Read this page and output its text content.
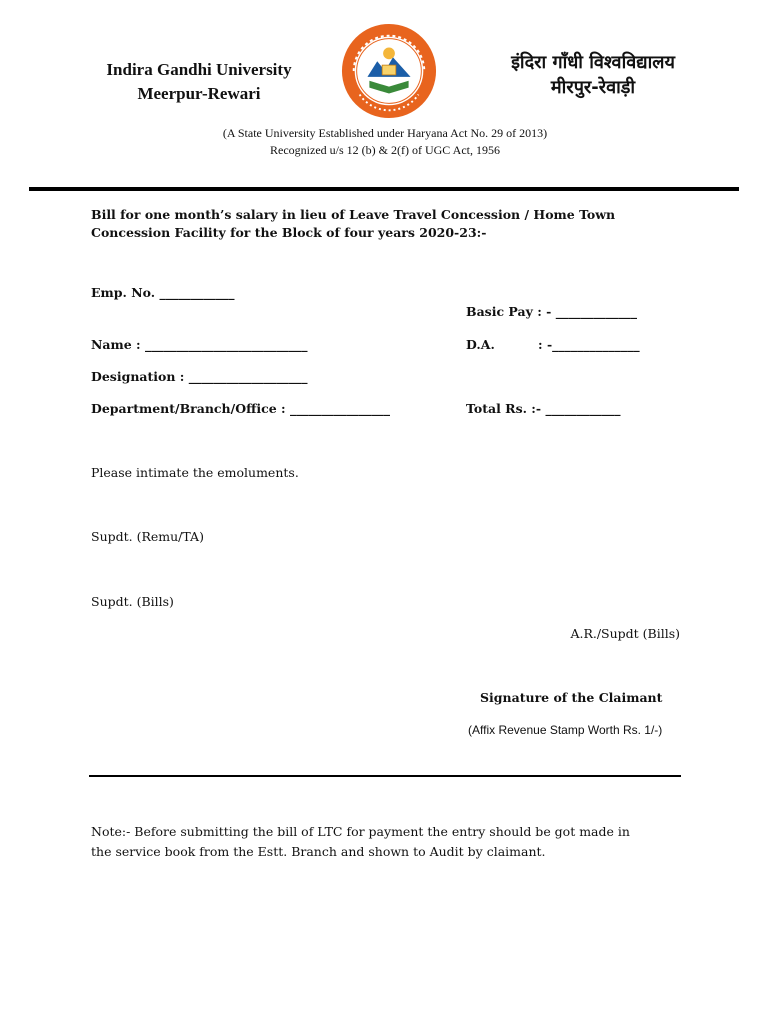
Indira Gandhi University
Meerpur-Rewari
इंदिरा गाँधी विश्वविद्यालय
मीरपुर-रेवाड़ी
(A State University Established under Haryana Act No. 29 of 2013)
Recognized u/s 12 (b) & 2(f) of UGC Act, 1956
Bill for one month’s salary in lieu of Leave Travel Concession / Home Town
Concession Facility for the Block of four years 2020-23:-
Emp. No. ____________
Basic Pay : - _____________
Name : __________________________	D.A.	: -______________
Designation : ___________________
Department/Branch/Office : ________________	Total Rs. :- ____________
Please intimate the emoluments.
Supdt. (Remu/TA)
Supdt. (Bills)
A.R./Supdt (Bills)
Signature of the Claimant
(Affix Revenue Stamp Worth Rs. 1/-)
Note:- Before submitting the bill of LTC for payment the entry should be got made in
the service book from the Estt. Branch and shown to Audit by claimant.
